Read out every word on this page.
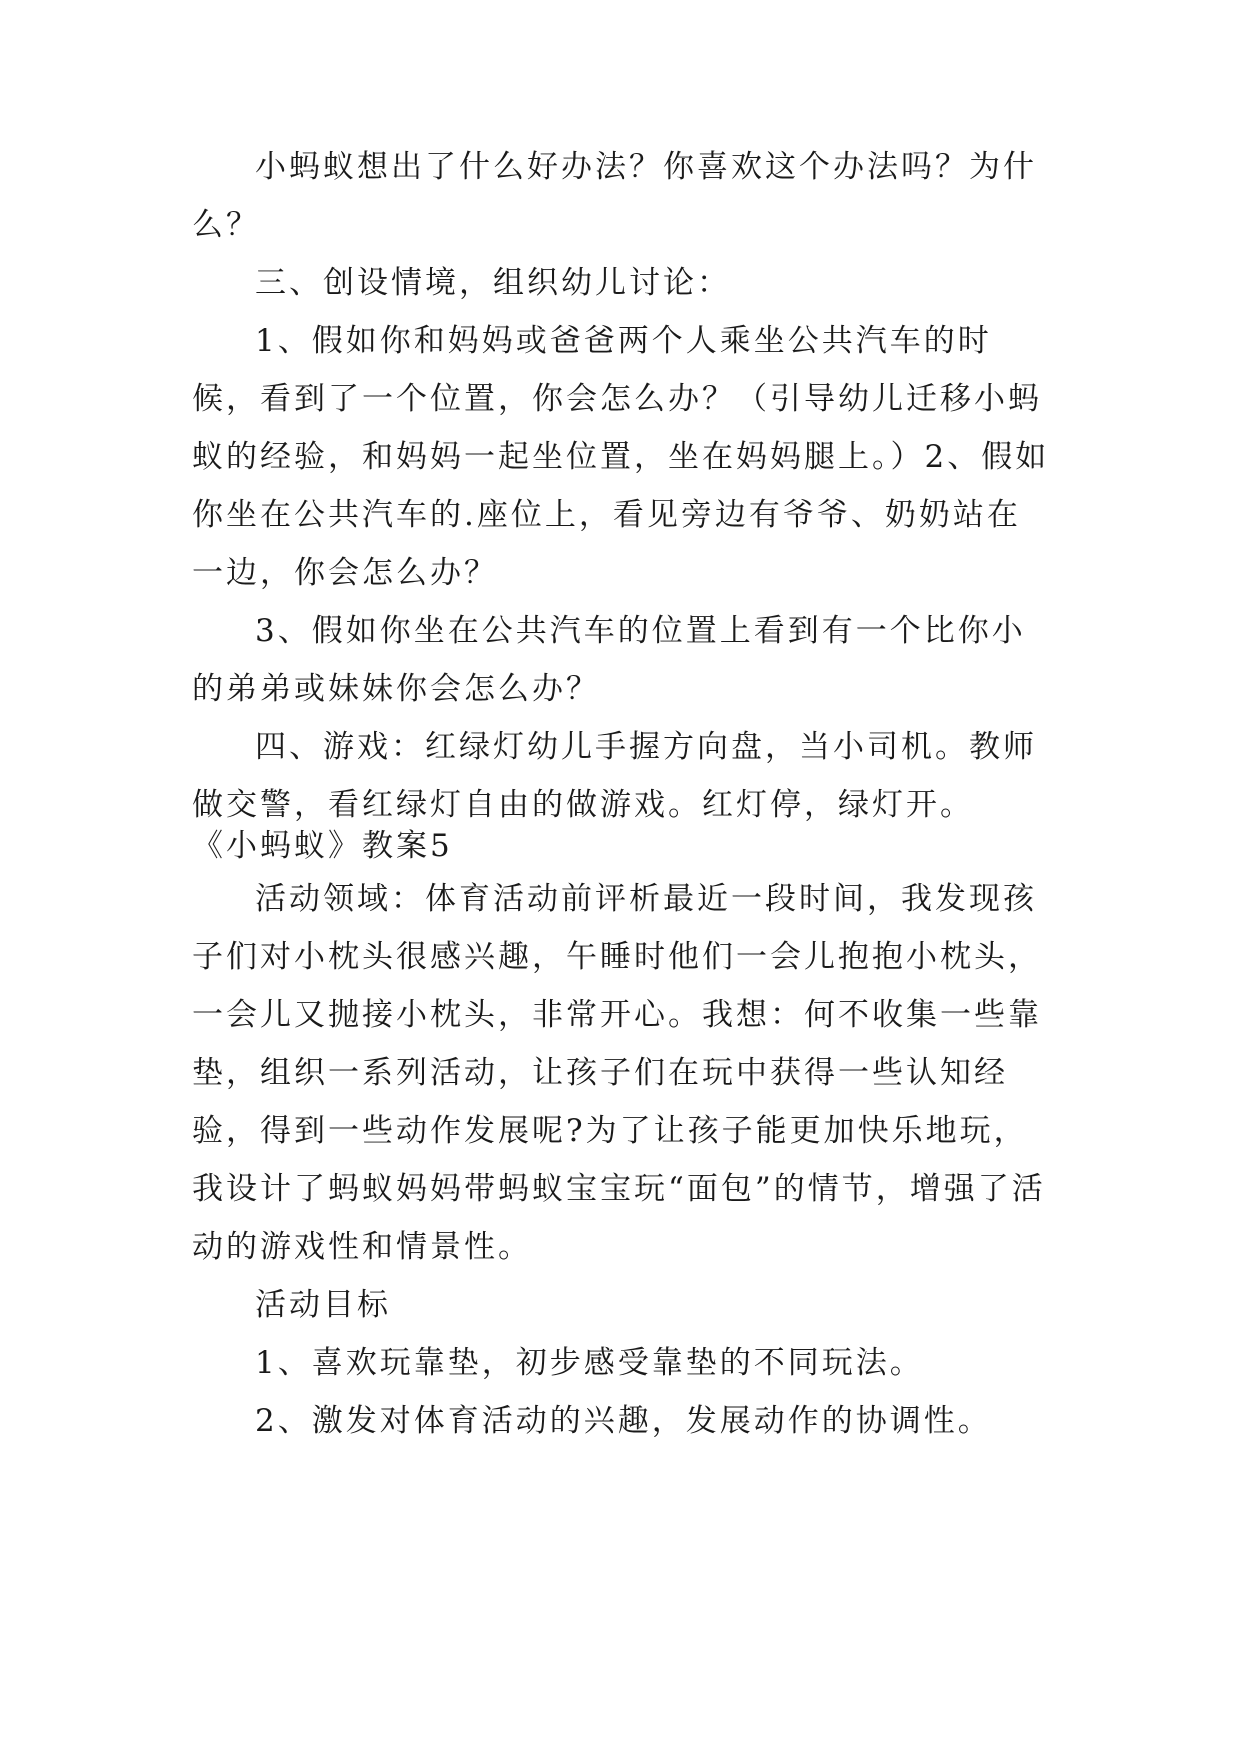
小蚂蚁想出了什么好办法？你喜欢这个办法吗？为什么？

三、创设情境，组织幼儿讨论：

1、假如你和妈妈或爸爸两个人乘坐公共汽车的时候，看到了一个位置，你会怎么办？（引导幼儿迁移小蚂蚁的经验，和妈妈一起坐位置，坐在妈妈腿上。）2、假如你坐在公共汽车的.座位上，看见旁边有爷爷、奶奶站在一边，你会怎么办？

3、假如你坐在公共汽车的位置上看到有一个比你小的弟弟或妹妹你会怎么办？

四、游戏：红绿灯幼儿手握方向盘，当小司机。教师做交警，看红绿灯自由的做游戏。红灯停，绿灯开。

《小蚂蚁》教案5

活动领域：体育活动前评析最近一段时间，我发现孩子们对小枕头很感兴趣，午睡时他们一会儿抱抱小枕头，一会儿又抛接小枕头，非常开心。我想：何不收集一些靠垫，组织一系列活动，让孩子们在玩中获得一些认知经验，得到一些动作发展呢?为了让孩子能更加快乐地玩，我设计了蚂蚁妈妈带蚂蚁宝宝玩“面包”的情节，增强了活动的游戏性和情景性。

活动目标

1、喜欢玩靠垫，初步感受靠垫的不同玩法。

2、激发对体育活动的兴趣，发展动作的协调性。
